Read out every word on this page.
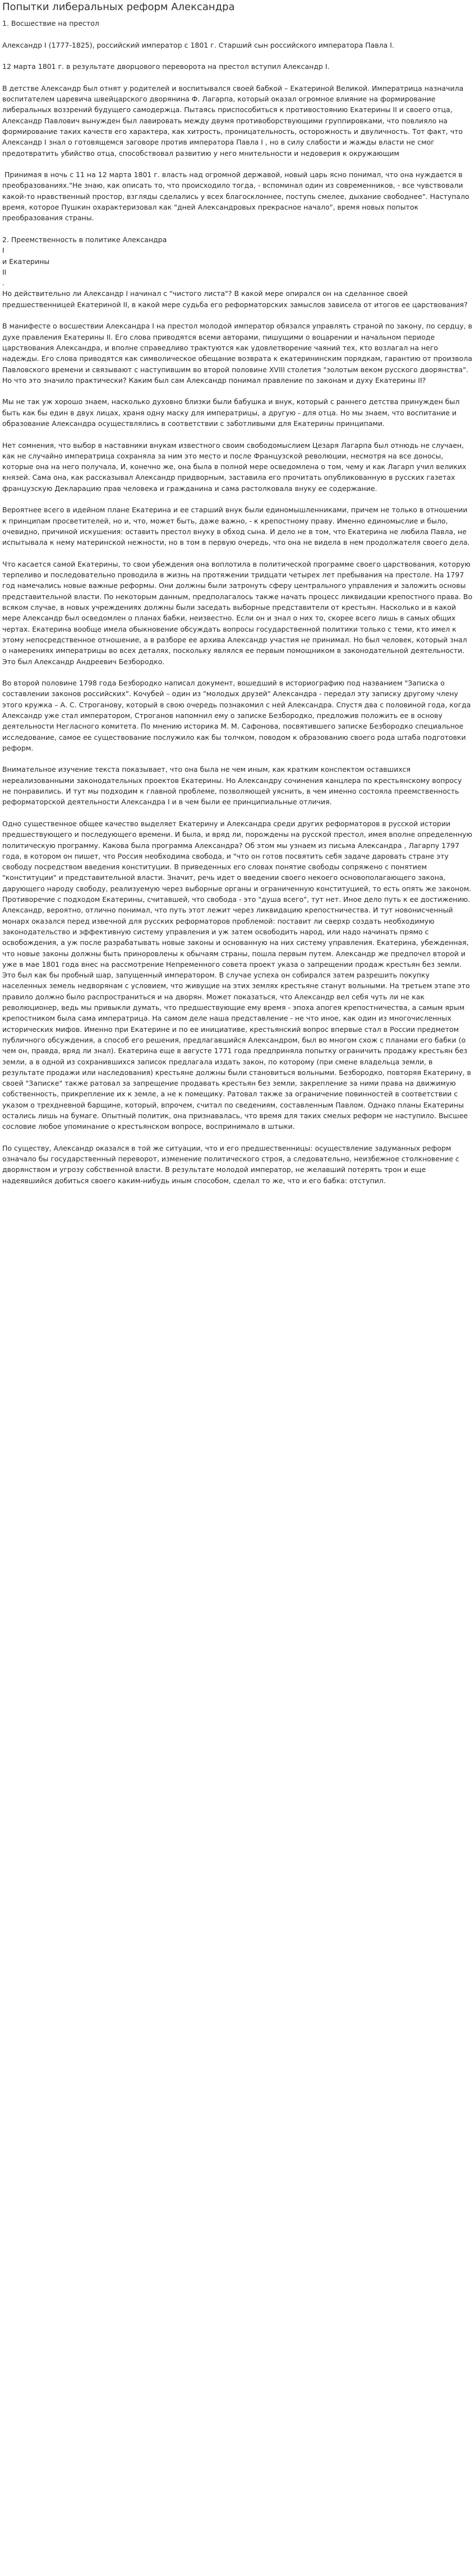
Попытки либеральных реформ Александра
1. Восшествие на престол

Александр I (1777-1825), российский император с 1801 г. Старший сын российского императора Павла I.

12 марта 1801 г. в результате дворцового переворота на престол вступил Александр I.

В детстве Александр был отнят у родителей и воспитывался своей бабкой – Екатериной Великой. Императрица назначила воспитателем царевича швейцарского дворянина Ф. Лагарпа, который оказал огромное влияние на формирование либеральных воззрений будущего самодержца. Пытаясь приспособиться к противостоянию Екатерины II и своего отца, Александр Павлович вынужден был лавировать между двумя противоборствующими группировками, что повлияло на формирование таких качеств его характера, как хитрость, проницательность, осторожность и двуличность. Тот факт, что Александр I знал о готовящемся заговоре против императора Павла I , но в силу слабости и жажды власти не смог предотвратить убийство отца, способствовал развитию у него мнительности и недоверия к окружающим

Принимая в ночь с 11 на 12 марта 1801 г. власть над огромной державой, новый царь ясно понимал, что она нуждается в преобразованиях."Не знаю, как описать то, что происходило тогда, - вспоминал один из современников, - все чувствовали какой-то нравственный простор, взгляды сделались у всех благосклоннее, поступь смелее, дыхание свободнее". Наступало время, которое Пушкин охарактеризовал как "дней Александровых прекрасное начало", время новых попыток преобразования страны.

2. Преемственность в политике Александра
I
и Екатерины
II
.
Но действительно ли Александр I начинал с "чистого листа"? В какой мере опирался он на сделанное своей предшественницей Екатериной II, в какой мере судьба его реформаторских замыслов зависела от итогов ее царствования?

В манифесте о восшествии Александра I на престол молодой император обязался управлять страной по закону, по сердцу, в духе правления Екатерины II. Его слова приводятся всеми авторами, пишущими о воцарении и начальном периоде царствования Александра, и вполне справедливо трактуются как удовлетворение чаяний тех, кто возлагал на него надежды. Его слова приводятся как символическое обещание возврата к екатерининским порядкам, гарантию от произвола Павловского времени и связывают с наступившим во второй половине XVIII столетия "золотым веком русского дворянства". Но что это значило практически? Каким был сам Александр понимал правление по законам и духу Екатерины II?

Мы не так уж хорошо знаем, насколько духовно близки были бабушка и внук, который с раннего детства принужден был быть как бы един в двух лицах, храня одну маску для императрицы, а другую - для отца. Но мы знаем, что воспитание и образование Александра осуществлялись в соответствии с заботливыми для Екатерины принципами.

Нет сомнения, что выбор в наставники внукам известного своим свободомыслием Цезаря Лагарпа был отнюдь не случаен, как не случайно императрица сохраняла за ним это место и после Французской революции, несмотря на все доносы, которые она на него получала, И, конечно же, она была в полной мере осведомлена о том, чему и как Лагарп учил великих князей. Сама она, как рассказывал Александр придворным, заставила его прочитать опубликованную в русских газетах французскую Декларацию прав человека и гражданина и сама растолковала внуку ее содержание.

Вероятнее всего в идейном плане Екатерина и ее старший внук были единомышленниками, причем не только в отношении к принципам просветителей, но и, что, может быть, даже важно, - к крепостному праву. Именно единомыслие и было, очевидно, причиной искушения: оставить престол внуку в обход сына. И дело не в том, что Екатерина не любила Павла, не испытывала к нему материнской нежности, но в том в первую очередь, что она не видела в нем продолжателя своего дела.

Что касается самой Екатерины, то свои убеждения она воплотила в политической программе своего царствования, которую терпеливо и последовательно проводила в жизнь на протяжении тридцати четырех лет пребывания на престоле. На 1797 год намечались новые важные реформы. Они должны были затронуть сферу центрального управления и заложить основы представительной власти. По некоторым данным, предполагалось также начать процесс ликвидации крепостного права. Во всяком случае, в новых учреждениях должны были заседать выборные представители от крестьян. Насколько и в какой мере Александр был осведомлен о планах бабки, неизвестно. Если он и знал о них то, скорее всего лишь в самых общих чертах. Екатерина вообще имела обыкновение обсуждать вопросы государственной политики только с теми, кто имел к этому непосредственное отношение, а в разборе ее архива Александр участия не принимал. Но был человек, который знал о намерениях императрицы во всех деталях, поскольку являлся ее первым помощником в законодательной деятельности. Это был Александр Андреевич Безбородко.

Во второй половине 1798 года Безбородко написал документ, вошедший в историографию под названием "Записка о составлении законов российских". Кочубей – один из "молодых друзей" Александра - передал эту записку другому члену этого кружка – А. С. Строганову, который в свою очередь познакомил с ней Александра. Спустя два с половиной года, когда Александр уже стал императором, Строганов напомнил ему о записке Безбородко, предложив положить ее в основу деятельности Негласного комитета. По мнению историка М. М. Сафонова, посвятившего записке Безбородко специальное исследование, самое ее существование послужило как бы толчком, поводом к образованию своего рода штаба подготовки реформ.

Внимательное изучение текста показывает, что она была не чем иным, как кратким конспектом оставшихся нереализованными законодательных проектов Екатерины. Но Александру сочинения канцлера по крестьянскому вопросу не понравились. И тут мы подходим к главной проблеме, позволяющей уяснить, в чем именно состояла преемственность реформаторской деятельности Александра I и в чем были ее принципиальные отличия.

Одно существенное общее качество выделяет Екатерину и Александра среди других реформаторов в русской истории предшествующего и последующего времени. И была, и вряд ли, порождены на русской престол, имея вполне определенную политическую программу. Какова была программа Александра? Об этом мы узнаем из письма Александра , Лагарпу 1797 года, в котором он пишет, что Россия необходима свобода, и "что он готов посвятить себя задаче даровать стране эту свободу посредством введения конституции. В приведенных его словах понятие свободы сопряжено с понятием "конституции" и представительной власти. Значит, речь идет о введении своего некоего основополагающего закона, дарующего народу свободу, реализуемую через выборные органы и ограниченную конституцией, то есть опять же законом. Противоречие с подходом Екатерины, считавшей, что свобода - это "душа всего", тут нет. Иное дело путь к ее достижению. Александр, вероятно, отлично понимал, что путь этот лежит через ликвидацию крепостничества. И тут новонисченный монарх оказался перед извечной для русских реформаторов проблемой: поставит ли сверхр создать необходимую законодательство и эффективную систему управления и уж затем освободить народ, или надо начинать прямо с освобождения, а уж после разрабатывать новые законы и основанную на них систему управления. Екатерина, убежденная, что новые законы должны быть приноровлены к обычаям страны, пошла первым путем. Александр же предпочел второй и уже в мае 1801 года внес на рассмотрение Непременного совета проект указа о запрещении продаж крестьян без земли. Это был как бы пробный шар, запущенный императором. В случае успеха он собирался затем разрешить покупку населенных земель недворянам с условием, что живущие на этих землях крестьяне станут вольными. На третьем этапе это правило должно было распространиться и на дворян. Может показаться, что Александр вел себя чуть ли не как революционер, ведь мы привыкли думать, что предшествующие ему время - эпоха апогея крепостничества, а самым ярым крепостником была сама императрица. На самом деле наша представление - не что иное, как один из многочисленных исторических мифов. Именно при Екатерине и по ее инициативе, крестьянский вопрос впервые стал в России предметом публичного обсуждения, а способ его решения, предлагавшийся Александром, был во многом схож с планами его бабки (о чем он, правда, вряд ли знал). Екатерина еще в августе 1771 года предприняла попытку ограничить продажу крестьян без земли, а в одной из сохранившихся записок предлагала издать закон, по которому (при смене владельца земли, в результате продажи или наследования) крестьяне должны были становиться вольными. Безбородко, повторяя Екатерину, в своей "Записке" также ратовал за запрещение продавать крестьян без земли, закрепление за ними права на движимую собственность, прикрепление их к земле, а не к помещику. Ратовал также за ограничение повинностей в соответствии с указом о трехдневной барщине, который, впрочем, считал по сведениям, составленным Павлом. Однако планы Екатерины остались лишь на бумаге. Опытный политик, она признавалась, что время для таких смелых реформ не наступило. Высшее сословие любое упоминание о крестьянском вопросе, воспринимало в штыки.

По существу, Александр оказался в той же ситуации, что и его предшественницы: осуществление задуманных реформ означало бы государственный переворот, изменение политического строя, а следовательно, неизбежное столкновение с дворянством и угрозу собственной власти. В результате молодой император, не желавший потерять трон и еще надеявшийся добиться своего каким-нибудь иным способом, сделал то же, что и его бабка: отступил.
